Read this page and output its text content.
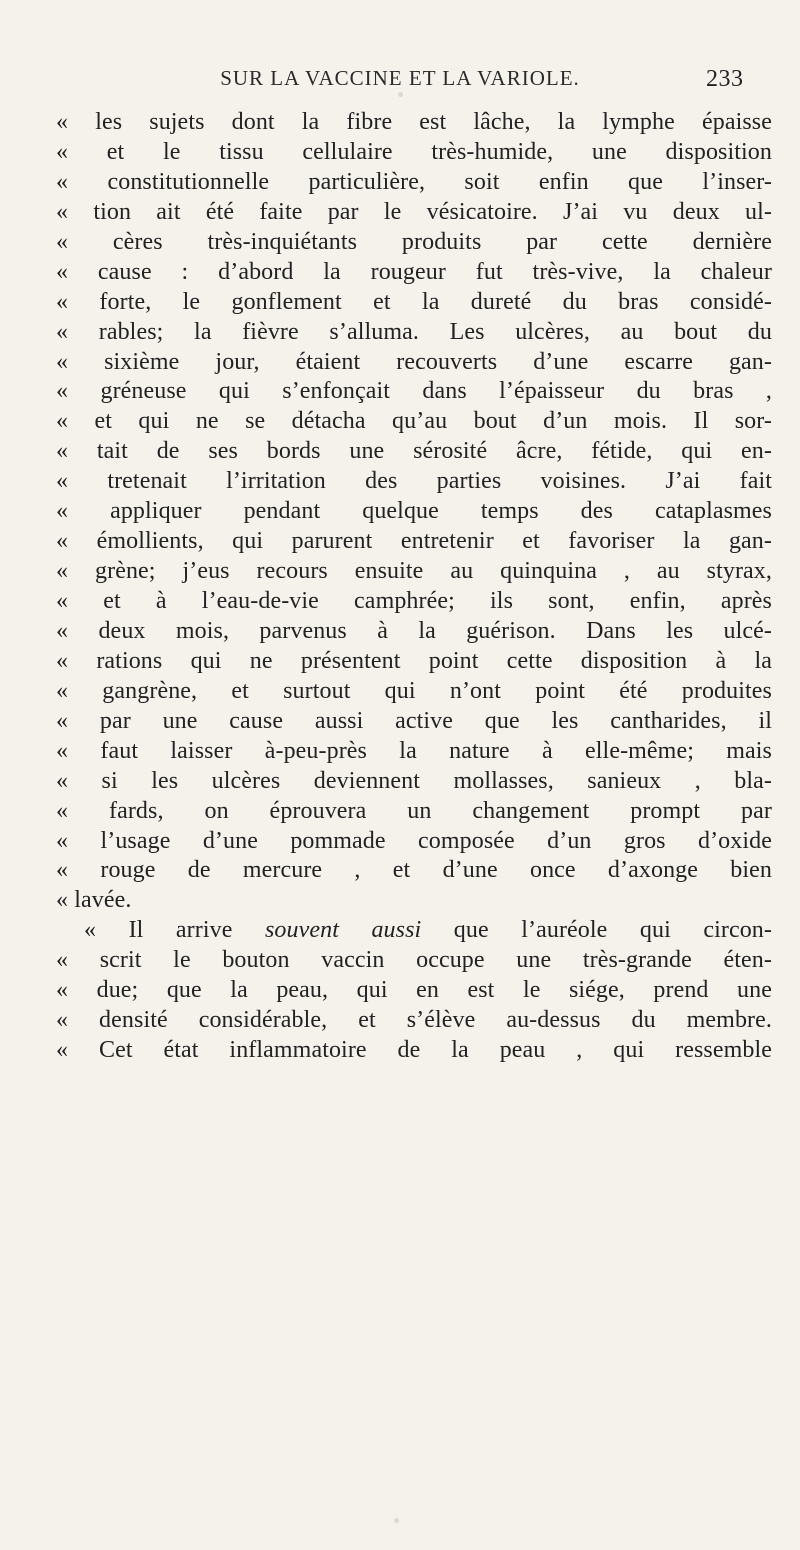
SUR LA VACCINE ET LA VARIOLE.	233
« les sujets dont la fibre est lâche, la lymphe épaisse
« et le tissu cellulaire très-humide, une disposition
« constitutionnelle particulière, soit enfin que l’inser-
« tion ait été faite par le vésicatoire. J’ai vu deux ul-
« cères très-inquiétants produits par cette dernière
« cause : d’abord la rougeur fut très-vive, la chaleur
« forte, le gonflement et la dureté du bras considé-
« rables; la fièvre s’alluma. Les ulcères, au bout du
« sixième jour, étaient recouverts d’une escarre gan-
« gréneuse qui s’enfonçait dans l’épaisseur du bras ,
« et qui ne se détacha qu’au bout d’un mois. Il sor-
« tait de ses bords une sérosité âcre, fétide, qui en-
« tretenait l’irritation des parties voisines. J’ai fait
« appliquer pendant quelque temps des cataplasmes
« émollients, qui parurent entretenir et favoriser la gan-
« grène; j’eus recours ensuite au quinquina , au styrax,
« et à l’eau-de-vie camphrée; ils sont, enfin, après
« deux mois, parvenus à la guérison. Dans les ulcé-
« rations qui ne présentent point cette disposition à la
« gangrène, et surtout qui n’ont point été produites
« par une cause aussi active que les cantharides, il
« faut laisser à-peu-près la nature à elle-même; mais
« si les ulcères deviennent mollasses, sanieux , bla-
« fards, on éprouvera un changement prompt par
« l’usage d’une pommade composée d’un gros d’oxide
« rouge de mercure , et d’une once d’axonge bien
« lavée.
« Il arrive souvent aussi que l’auréole qui circon-
« scrit le bouton vaccin occupe une très-grande éten-
« due; que la peau, qui en est le siége, prend une
« densité considérable, et s’élève au-dessus du membre.
« Cet état inflammatoire de la peau , qui ressemble
